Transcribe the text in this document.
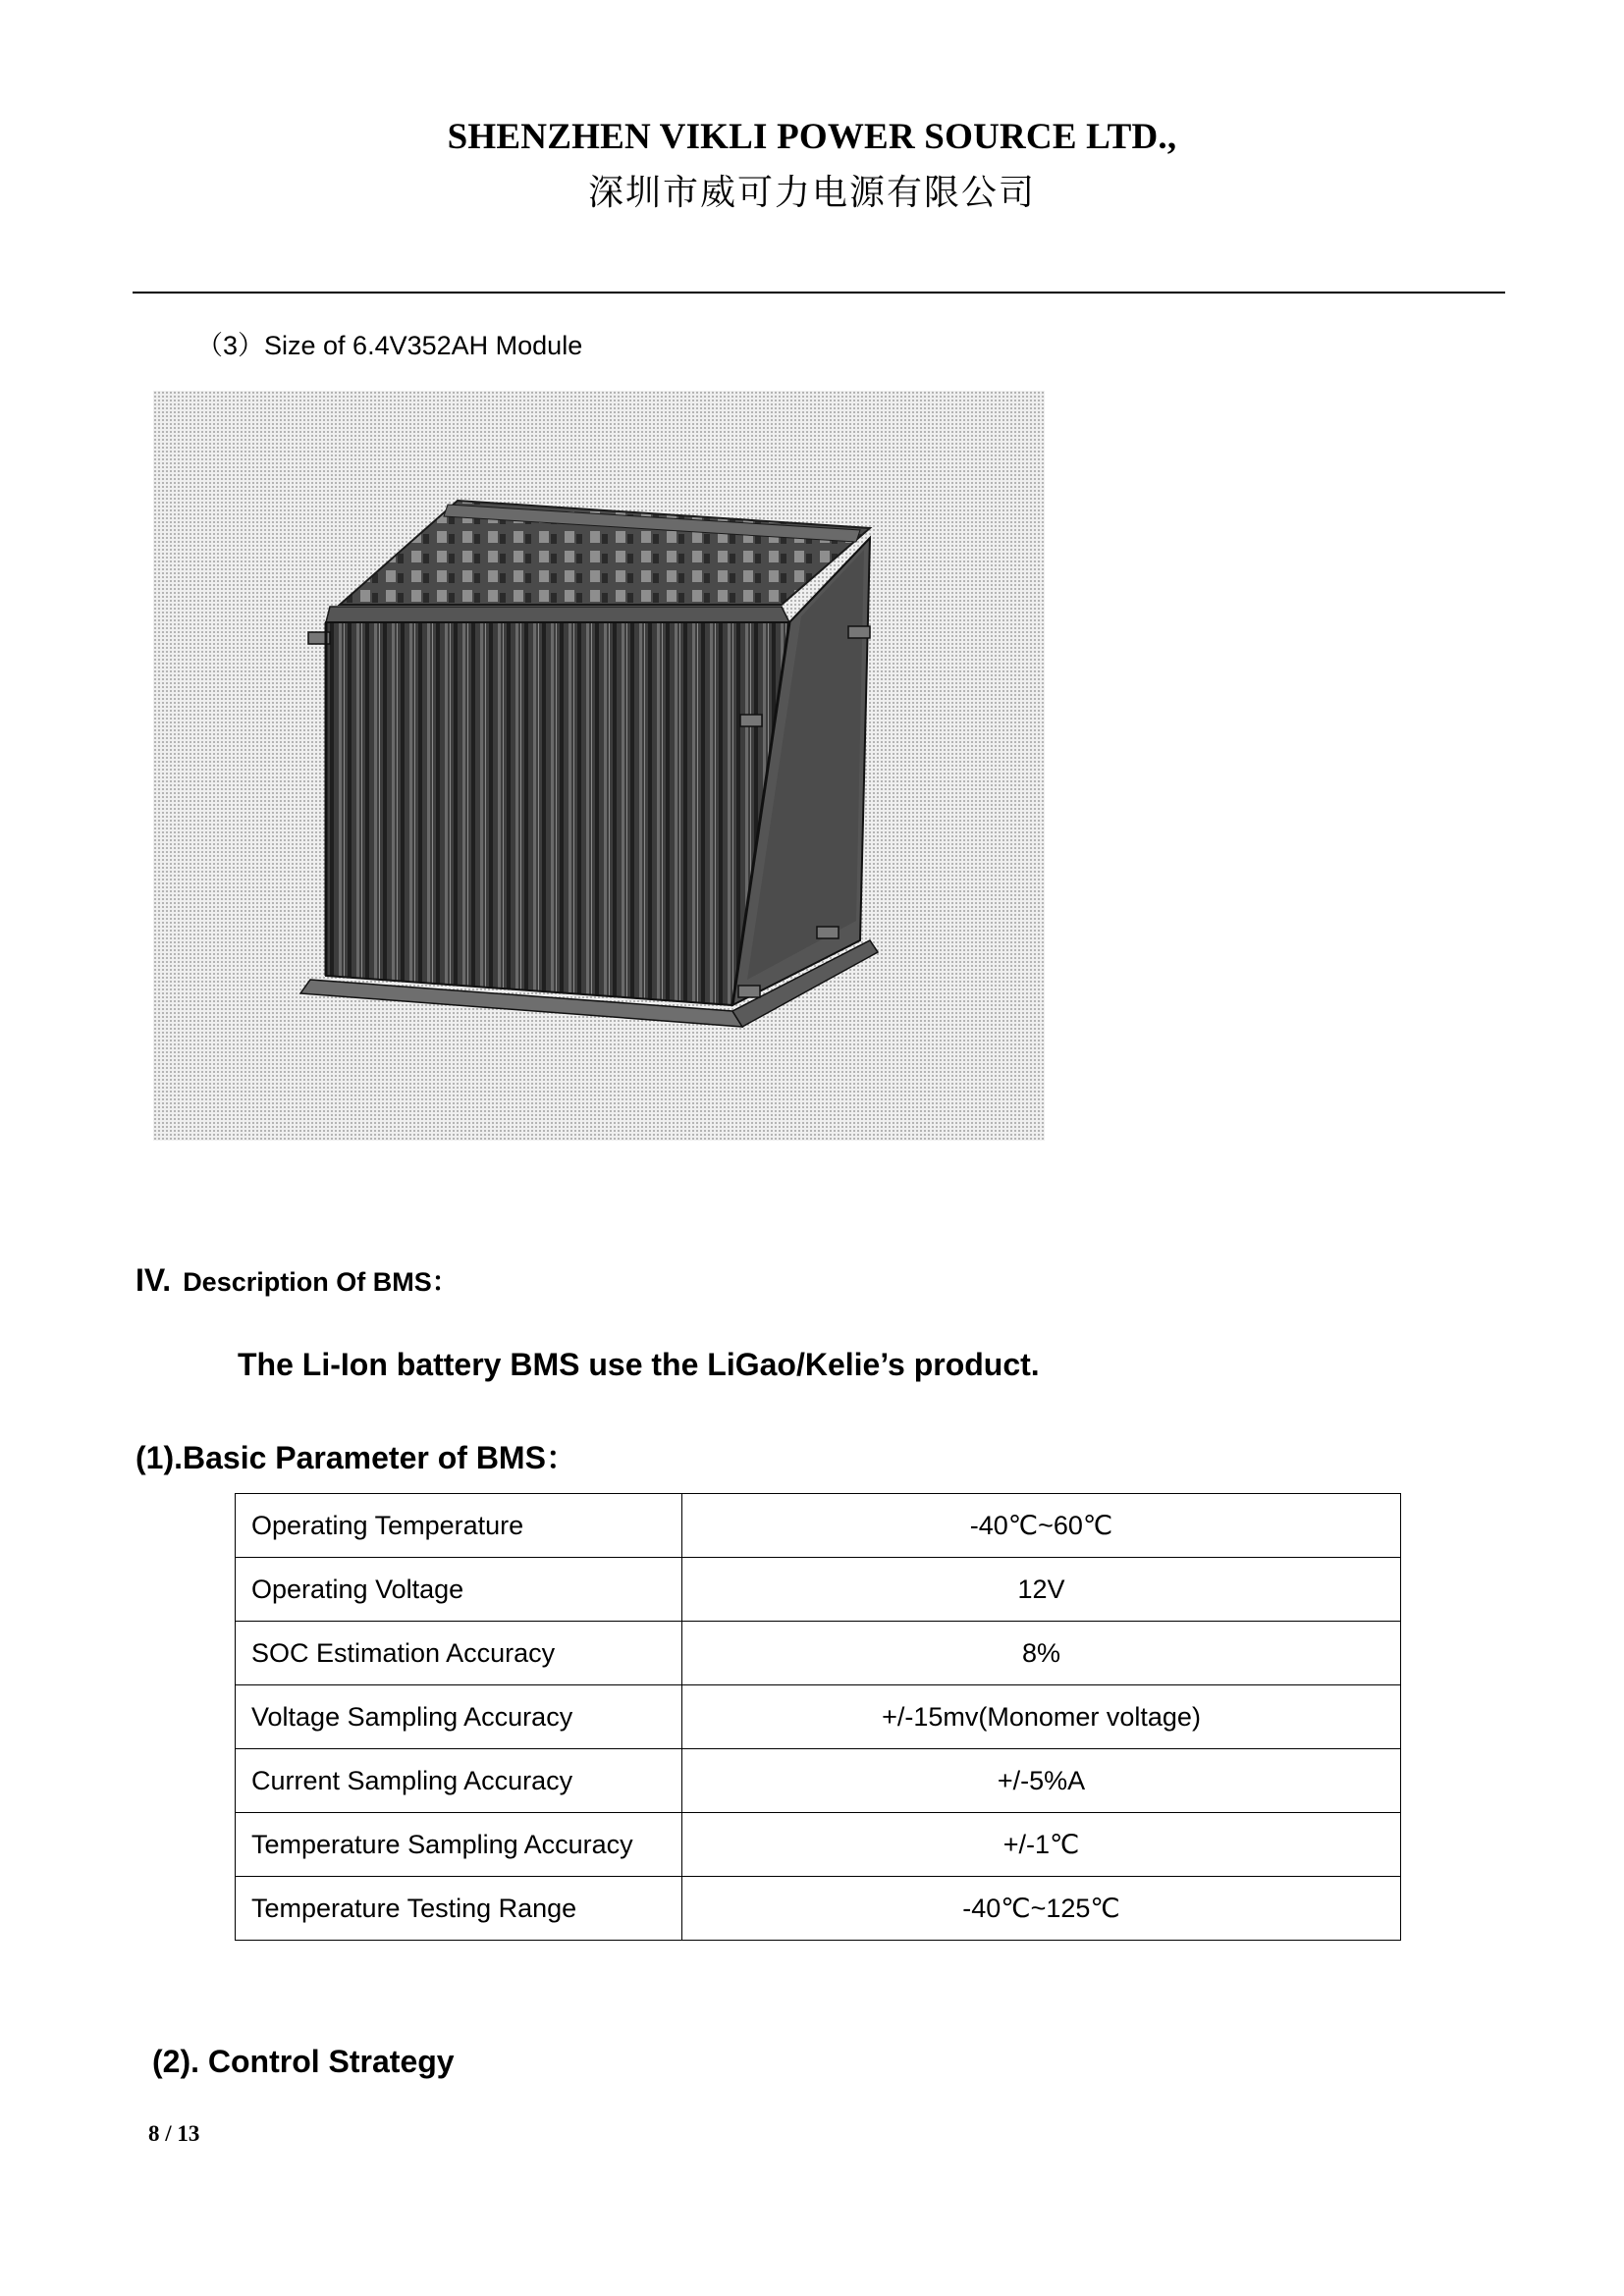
SHENZHEN VIKLI POWER SOURCE LTD.,
深圳市威可力电源有限公司
（3）Size of 6.4V352AH Module
IV. Description Of BMS：
The Li-Ion battery BMS use the LiGao/Kelie’s product.
(1).Basic Parameter of BMS：
Operating Temperature	-40℃~60℃
Operating Voltage	12V
SOC Estimation Accuracy	8%
Voltage Sampling Accuracy	+/-15mv(Monomer voltage)
Current Sampling Accuracy	+/-5%A
Temperature Sampling Accuracy	+/-1℃
Temperature Testing Range	-40℃~125℃
(2). Control Strategy
8 / 13
